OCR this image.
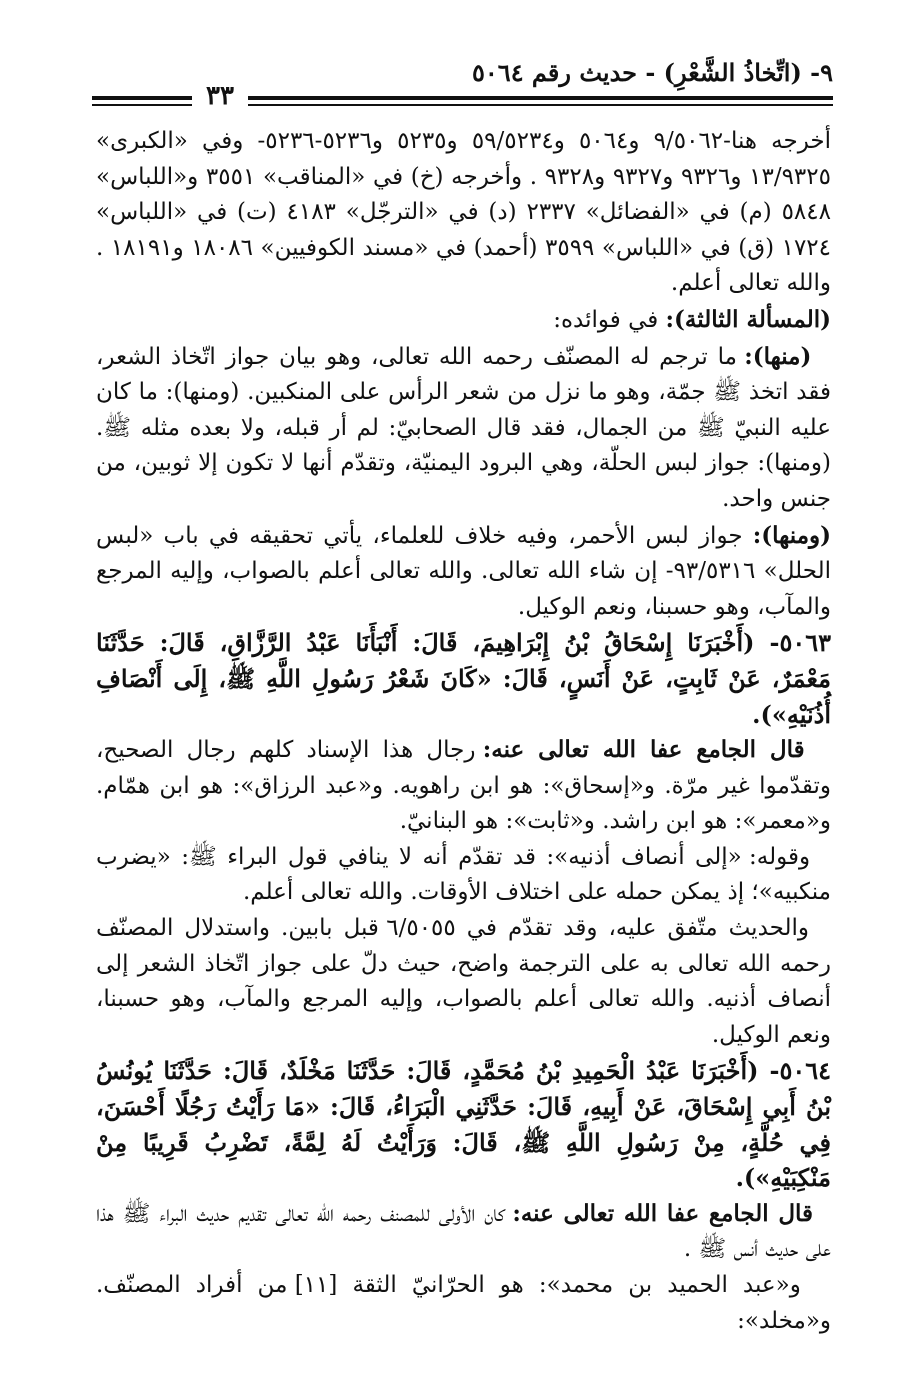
٩- (اتِّخاذُ الشَّعْرِ) - حديث رقم ٥٠٦٤
٣٣

أخرجه هنا-٩/٥٠٦٢ و٥٠٦٤ و٥٩/٥٢٣٤ و٥٢٣٥ و٥٢٣٦-٥٢٣٦- وفي «الكبرى» ١٣/٩٣٢٥ و٩٣٢٦ و٩٣٢٧ و٩٣٢٨ . وأخرجه (خ) في «المناقب» ٣٥٥١ و«اللباس» ٥٨٤٨ (م) في «الفضائل» ٢٣٣٧ (د) في «الترجّل» ٤١٨٣ (ت) في «اللباس» ١٧٢٤ (ق) في «اللباس» ٣٥٩٩ (أحمد) في «مسند الكوفيين» ١٨٠٨٦ و١٨١٩١ . والله تعالى أعلم.

(المسألة الثالثة): في فوائده:

(منها): ما ترجم له المصنّف رحمه الله تعالى، وهو بيان جواز اتّخاذ الشعر، فقد اتخذ ﷺ جمّة، وهو ما نزل من شعر الرأس على المنكبين. (ومنها): ما كان عليه النبيّ ﷺ من الجمال، فقد قال الصحابيّ: لم أر قبله، ولا بعده مثله ﷺ. (ومنها): جواز لبس الحلّة، وهي البرود اليمنيّة، وتقدّم أنها لا تكون إلا ثوبين، من جنس واحد.

(ومنها): جواز لبس الأحمر، وفيه خلاف للعلماء، يأتي تحقيقه في باب «لبس الحلل» ٩٣/٥٣١٦- إن شاء الله تعالى. والله تعالى أعلم بالصواب، وإليه المرجع والمآب، وهو حسبنا، ونعم الوكيل.

٥٠٦٣- (أَخْبَرَنَا إِسْحَاقُ بْنُ إِبْرَاهِيمَ، قَالَ: أَنْبَأَنَا عَبْدُ الرَّزَّاقِ، قَالَ: حَدَّثَنَا مَعْمَرٌ، عَنْ ثَابِتٍ، عَنْ أَنَسٍ، قَالَ: «كَانَ شَعْرُ رَسُولِ اللَّهِ ﷺ، إِلَى أَنْصَافِ أُذُنَيْهِ»).

قال الجامع عفا الله تعالى عنه: رجال هذا الإسناد كلهم رجال الصحيح، وتقدّموا غير مرّة. و«إسحاق»: هو ابن راهويه. و«عبد الرزاق»: هو ابن همّام. و«معمر»: هو ابن راشد. و«ثابت»: هو البنانيّ.

وقوله: «إلى أنصاف أذنيه»: قد تقدّم أنه لا ينافي قول البراء ﷺ: «يضرب منكبيه»؛ إذ يمكن حمله على اختلاف الأوقات. والله تعالى أعلم.

والحديث متّفق عليه، وقد تقدّم في ٦/٥٠٥٥ قبل بابين. واستدلال المصنّف رحمه الله تعالى به على الترجمة واضح، حيث دلّ على جواز اتّخاذ الشعر إلى أنصاف أذنيه. والله تعالى أعلم بالصواب، وإليه المرجع والمآب، وهو حسبنا، ونعم الوكيل.

٥٠٦٤- (أَخْبَرَنَا عَبْدُ الْحَمِيدِ بْنُ مُحَمَّدٍ، قَالَ: حَدَّثَنَا مَخْلَدٌ، قَالَ: حَدَّثَنَا يُونُسُ بْنُ أَبِي إِسْحَاقَ، عَنْ أَبِيهِ، قَالَ: حَدَّثَنِي الْبَرَاءُ، قَالَ: «مَا رَأَيْتُ رَجُلًا أَحْسَنَ، فِي حُلَّةٍ، مِنْ رَسُولِ اللَّهِ ﷺ، قَالَ: وَرَأَيْتُ لَهُ لِمَّةً، تَضْرِبُ قَرِيبًا مِنْ مَنْكِبَيْهِ»).

قال الجامع عفا الله تعالى عنه: كان الأولى للمصنف رحمه الله تعالى تقديم حديث البراء ﷺ هذا على حديث أنس ﷺ .

و«عبد الحميد بن محمد»: هو الحرّانيّ الثقة [١١] من أفراد المصنّف. و«مخلد»:
